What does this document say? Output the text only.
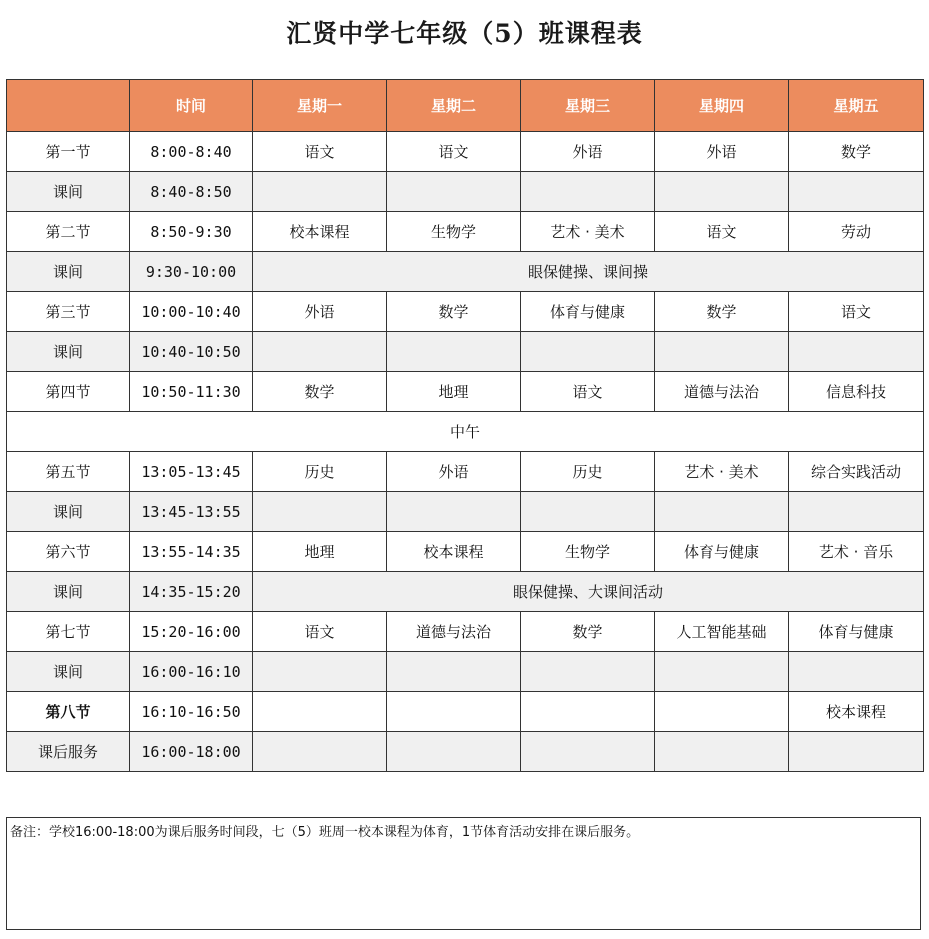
汇贤中学七年级（5）班课程表
	时间	星期一	星期二	星期三	星期四	星期五
第一节	8:00-8:40	语文	语文	外语	外语	数学
课间	8:40-8:50					
第二节	8:50-9:30	校本课程	生物学	艺术 · 美术	语文	劳动
课间	9:30-10:00	眼保健操、课间操				
第三节	10:00-10:40	外语	数学	体育与健康	数学	语文
课间	10:40-10:50					
第四节	10:50-11:30	数学	地理	语文	道德与法治	信息科技
中午						
第五节	13:05-13:45	历史	外语	历史	艺术 · 美术	综合实践活动
课间	13:45-13:55					
第六节	13:55-14:35	地理	校本课程	生物学	体育与健康	艺术 · 音乐
课间	14:35-15:20	眼保健操、大课间活动				
第七节	15:20-16:00	语文	道德与法治	数学	人工智能基础	体育与健康
课间	16:00-16:10					
第八节	16:10-16:50					校本课程
课后服务	16:00-18:00					
备注：学校16:00-18:00为课后服务时间段，七（5）班周一校本课程为体育，1节体育活动安排在课后服务。
